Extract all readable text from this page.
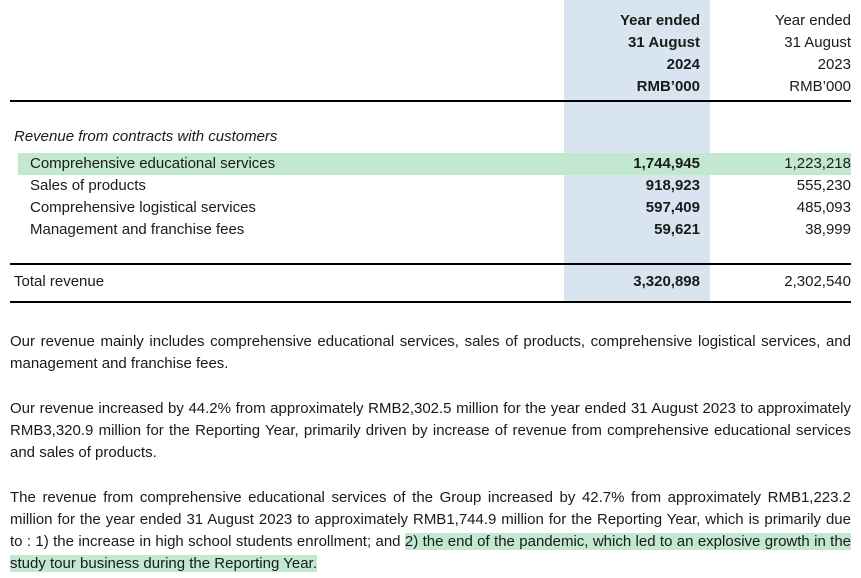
Year ended
31 August
2024
RMB’000
Year ended
31 August
2023
RMB’000
Revenue from contracts with customers
Comprehensive educational services	1,744,945	1,223,218
Sales of products	918,923	555,230
Comprehensive logistical services	597,409	485,093
Management and franchise fees	59,621	38,999
Total revenue	3,320,898	2,302,540

Our revenue mainly includes comprehensive educational services, sales of products, comprehensive logistical services, and management and franchise fees.

Our revenue increased by 44.2% from approximately RMB2,302.5 million for the year ended 31 August 2023 to approximately RMB3,320.9 million for the Reporting Year, primarily driven by increase of revenue from comprehensive educational services and sales of products.

The revenue from comprehensive educational services of the Group increased by 42.7% from approximately RMB1,223.2 million for the year ended 31 August 2023 to approximately RMB1,744.9 million for the Reporting Year, which is primarily due to : 1) the increase in high school students enrollment; and 2) the end of the pandemic, which led to an explosive growth in the study tour business during the Reporting Year.
